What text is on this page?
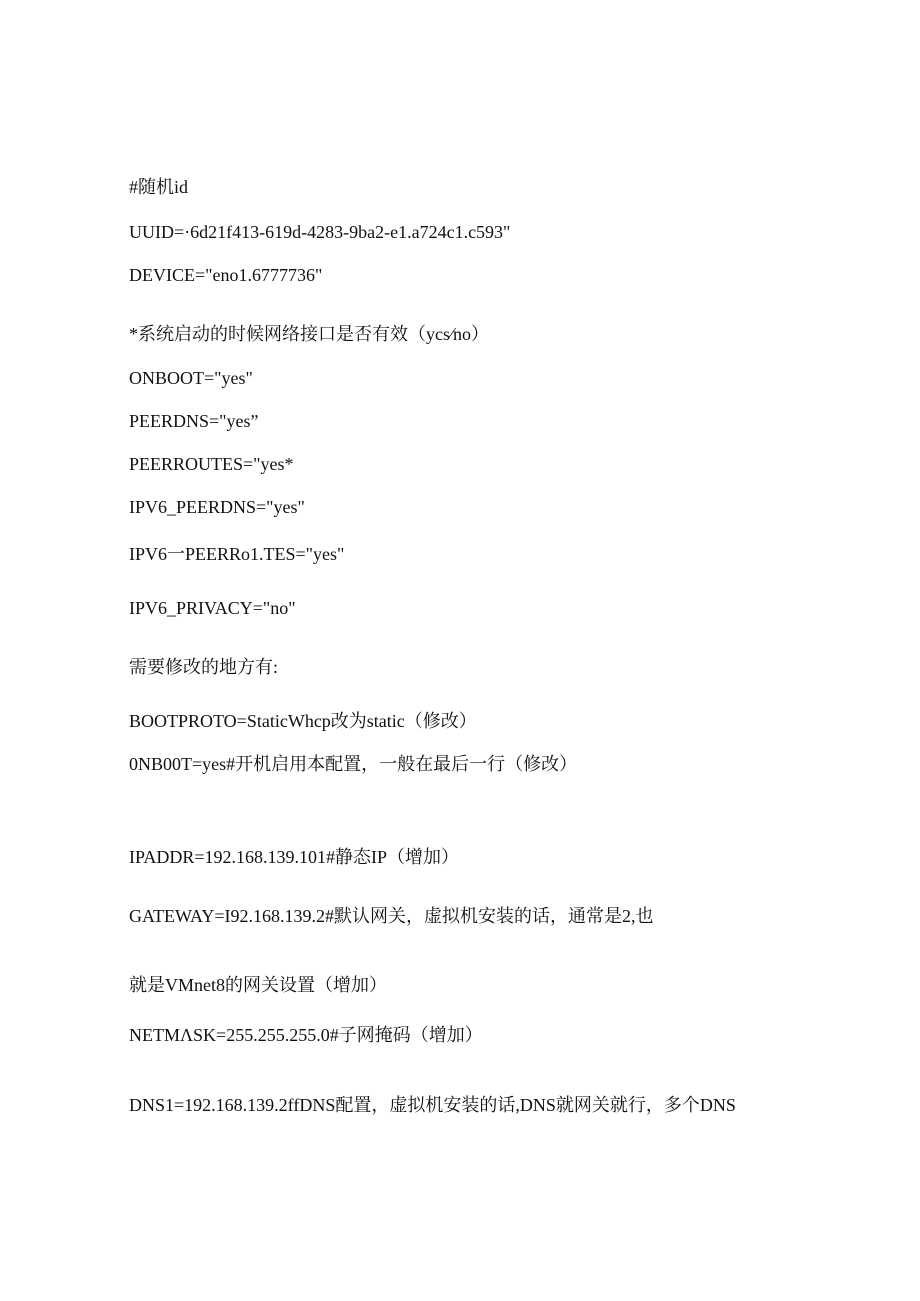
#随机id
UUID=·6d21f413-619d-4283-9ba2-e1.a724c1.c593"
DEVICE="eno1.6777736"
*系统启动的时候网络接口是否有效（ycs⁄no）
ONBOOT="yes"
PEERDNS="yes”
PEERROUTES="yes*
IPV6_PEERDNS="yes"
IPV6一PEERRo1.TES="yes"
IPV6_PRIVACY="no"
需要修改的地方有:
BOOTPROTO=StaticWhcp改为static（修改）
0NB00T=yes#开机启用本配置，一般在最后一行（修改）
IPADDR=192.168.139.101#静态IP（增加）
GATEWAY=I92.168.139.2#默认网关，虚拟机安装的话，通常是2,也
就是VMnet8的网关设置（增加）
NETMΛSK=255.255.255.0#子网掩码（增加）
DNS1=192.168.139.2ffDNS配置，虚拟机安装的话,DNS就网关就行，多个DNS
